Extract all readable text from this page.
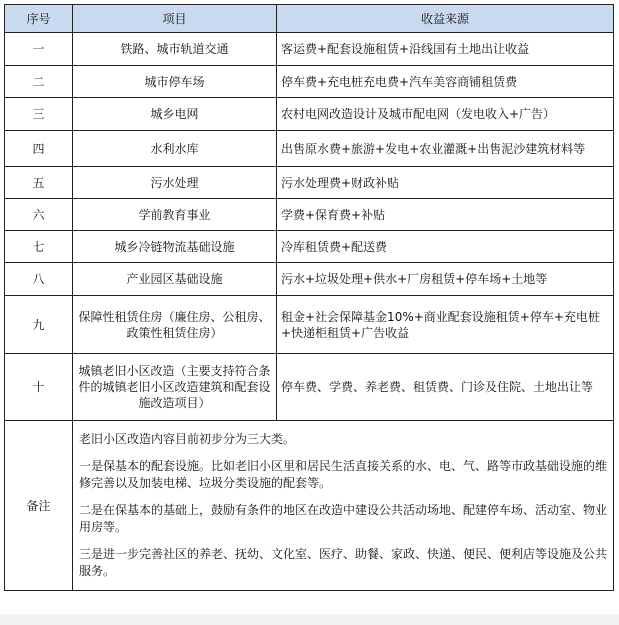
序号	项目	收益来源
一	铁路、城市轨道交通	客运费+配套设施租赁+沿线国有土地出让收益
二	城市停车场	停车费+充电桩充电费+汽车美容商铺租赁费
三	城乡电网	农村电网改造设计及城市配电网（发电收入+广告）
四	水利水库	出售原水费+旅游+发电+农业灌溉+出售泥沙建筑材料等
五	污水处理	污水处理费+财政补贴
六	学前教育事业	学费+保育费+补贴
七	城乡冷链物流基础设施	冷库租赁费+配送费
八	产业园区基础设施	污水+垃圾处理+供水+厂房租赁+停车场+土地等
九	保障性租赁住房（廉住房、公租房、政策性租赁住房）	租金+社会保障基金10%+商业配套设施租赁+停车+充电桩+快递柜租赁+广告收益
十	城镇老旧小区改造（主要支持符合条件的城镇老旧小区改造建筑和配套设施改造项目）	停车费、学费、养老费、租赁费、门诊及住院、土地出让等
备注	老旧小区改造内容目前初步分为三大类。

一是保基本的配套设施。比如老旧小区里和居民生活直接关系的水、电、气、路等市政基础设施的维修完善以及加装电梯、垃圾分类设施的配套等。

二是在保基本的基础上，鼓励有条件的地区在改造中建设公共活动场地、配建停车场、活动室、物业用房等。

三是进一步完善社区的养老、抚幼、文化室、医疗、助餐、家政、快递、便民、便利店等设施及公共服务。	
